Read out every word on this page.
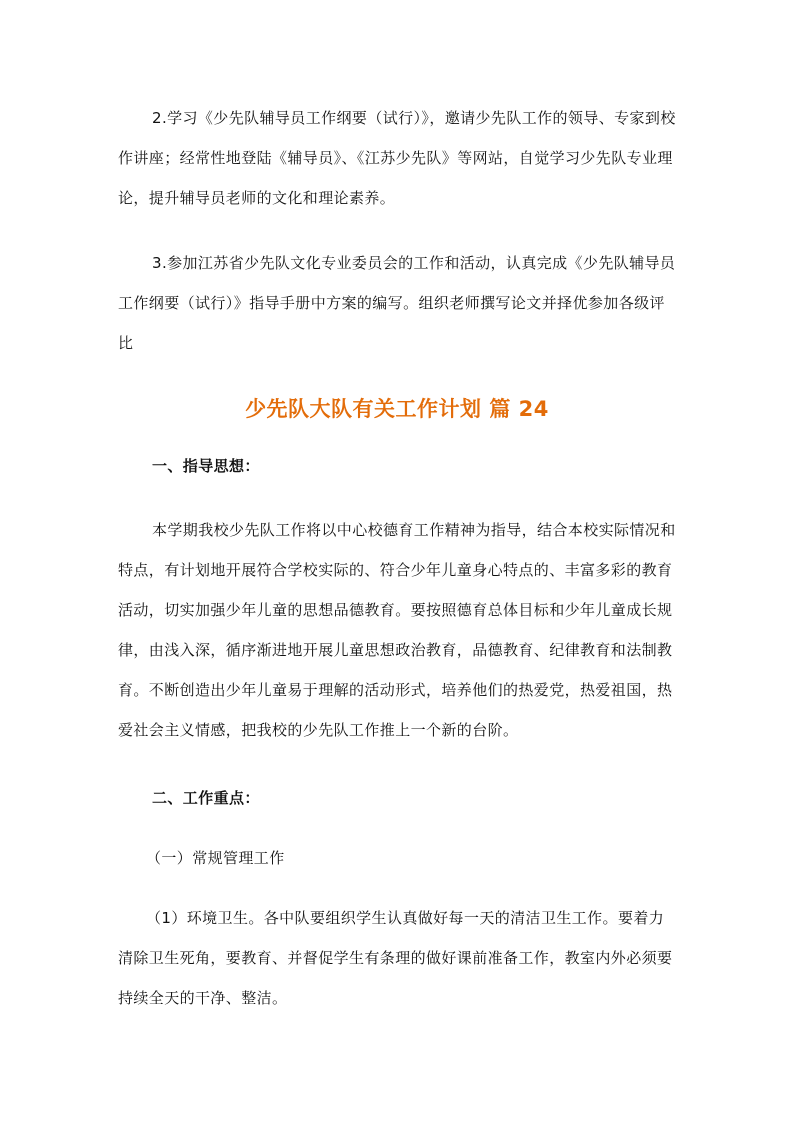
2.学习《少先队辅导员工作纲要（试行）》，邀请少先队工作的领导、专家到校作讲座；经常性地登陆《辅导员》、《江苏少先队》等网站，自觉学习少先队专业理论，提升辅导员老师的文化和理论素养。

3.参加江苏省少先队文化专业委员会的工作和活动，认真完成《少先队辅导员工作纲要（试行）》指导手册中方案的编写。组织老师撰写论文并择优参加各级评比

少先队大队有关工作计划 篇 24

一、指导思想：

本学期我校少先队工作将以中心校德育工作精神为指导，结合本校实际情况和特点，有计划地开展符合学校实际的、符合少年儿童身心特点的、丰富多彩的教育活动，切实加强少年儿童的思想品德教育。要按照德育总体目标和少年儿童成长规律，由浅入深，循序渐进地开展儿童思想政治教育，品德教育、纪律教育和法制教育。不断创造出少年儿童易于理解的活动形式，培养他们的热爱党，热爱祖国，热爱社会主义情感，把我校的少先队工作推上一个新的台阶。

二、工作重点：

（一）常规管理工作

（1）环境卫生。各中队要组织学生认真做好每一天的清洁卫生工作。要着力清除卫生死角，要教育、并督促学生有条理的做好课前准备工作，教室内外必须要持续全天的干净、整洁。
